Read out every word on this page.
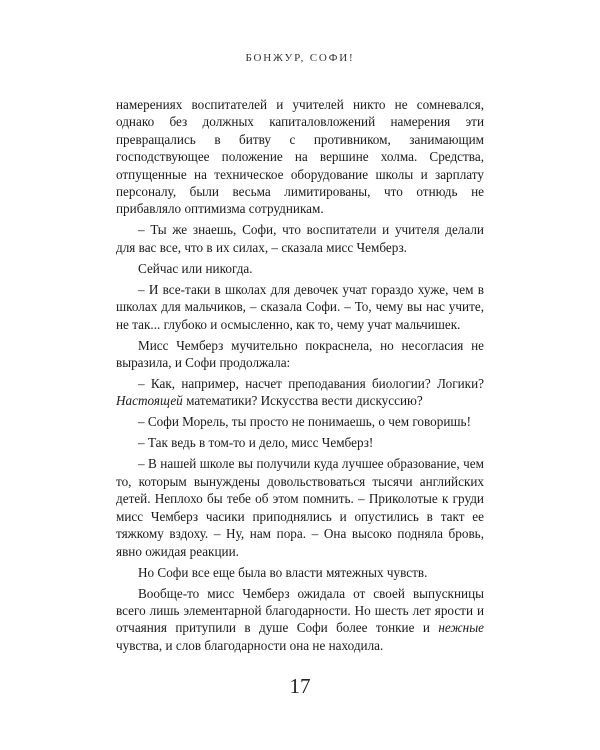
БОНЖУР, СОФИ!

намерениях воспитателей и учителей никто не сомневался, однако без должных капиталовложений намерения эти превращались в битву с противником, занимающим господствующее положение на вершине холма. Средства, отпущенные на техническое оборудование школы и зарплату персоналу, были весьма лимитированы, что отнюдь не прибавляло оптимизма сотрудникам.

– Ты же знаешь, Софи, что воспитатели и учителя делали для вас все, что в их силах, – сказала мисс Чемберз.

Сейчас или никогда.

– И все-таки в школах для девочек учат гораздо хуже, чем в школах для мальчиков, – сказала Софи. – То, чему вы нас учите, не так... глубоко и осмысленно, как то, чему учат мальчишек.

Мисс Чемберз мучительно покраснела, но несогласия не выразила, и Софи продолжала:

– Как, например, насчет преподавания биологии? Логики? Настоящей математики? Искусства вести дискуссию?

– Софи Морель, ты просто не понимаешь, о чем говоришь!

– Так ведь в том-то и дело, мисс Чемберз!

– В нашей школе вы получили куда лучшее образование, чем то, которым вынуждены довольствоваться тысячи английских детей. Неплохо бы тебе об этом помнить. – Приколотые к груди мисс Чемберз часики приподнялись и опустились в такт ее тяжкому вздоху. – Ну, нам пора. – Она высоко подняла бровь, явно ожидая реакции.

Но Софи все еще была во власти мятежных чувств.

Вообще-то мисс Чемберз ожидала от своей выпускницы всего лишь элементарной благодарности. Но шесть лет ярости и отчаяния притупили в душе Софи более тонкие и нежные чувства, и слов благодарности она не находила.

17
